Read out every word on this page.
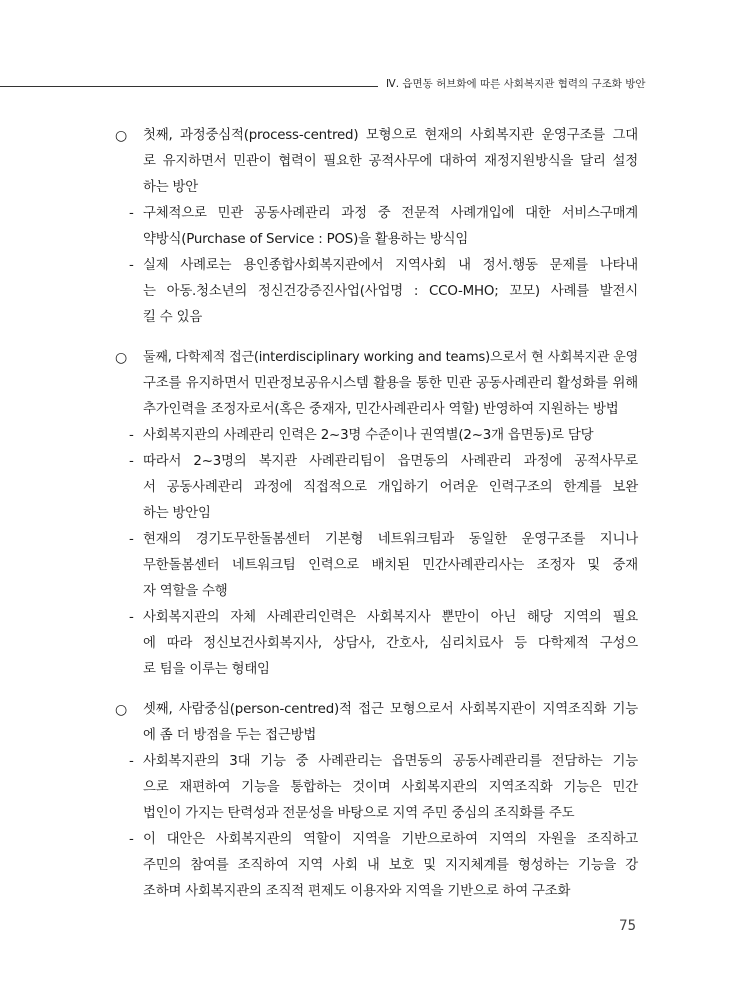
Ⅳ. 읍면동 허브화에 따른 사회복지관 협력의 구조화 방안
○ 첫째, 과정중심적(process-centred) 모형으로 현재의 사회복지관 운영구조를 그대
로 유지하면서 민관이 협력이 필요한 공적사무에 대하여 재정지원방식을 달리 설정
하는 방안
- 구체적으로 민관 공동사례관리 과정 중 전문적 사례개입에 대한 서비스구매계
약방식(Purchase of Service : POS)을 활용하는 방식임
- 실제 사례로는 용인종합사회복지관에서 지역사회 내 정서.행동 문제를 나타내
는 아동.청소년의 정신건강증진사업(사업명 : CCO-MHO; 꼬모) 사례를 발전시
킬 수 있음
○ 둘째, 다학제적 접근(interdisciplinary working and teams)으로서 현 사회복지관 운영
구조를 유지하면서 민관정보공유시스템 활용을 통한 민관 공동사례관리 활성화를 위해
추가인력을 조정자로서(혹은 중재자, 민간사례관리사 역할) 반영하여 지원하는 방법
- 사회복지관의 사례관리 인력은 2~3명 수준이나 권역별(2~3개 읍면동)로 담당
- 따라서 2~3명의 복지관 사례관리팀이 읍면동의 사례관리 과정에 공적사무로
서 공동사례관리 과정에 직접적으로 개입하기 어려운 인력구조의 한계를 보완
하는 방안임
- 현재의 경기도무한돌봄센터 기본형 네트워크팀과 동일한 운영구조를 지니나
무한돌봄센터 네트워크팀 인력으로 배치된 민간사례관리사는 조정자 및 중재
자 역할을 수행
- 사회복지관의 자체 사례관리인력은 사회복지사 뿐만이 아닌 해당 지역의 필요
에 따라 정신보건사회복지사, 상담사, 간호사, 심리치료사 등 다학제적 구성으
로 팀을 이루는 형태임
○ 셋째, 사람중심(person-centred)적 접근 모형으로서 사회복지관이 지역조직화 기능
에 좀 더 방점을 두는 접근방법
- 사회복지관의 3대 기능 중 사례관리는 읍면동의 공동사례관리를 전담하는 기능
으로 재편하여 기능을 통합하는 것이며 사회복지관의 지역조직화 기능은 민간
법인이 가지는 탄력성과 전문성을 바탕으로 지역 주민 중심의 조직화를 주도
- 이 대안은 사회복지관의 역할이 지역을 기반으로하여 지역의 자원을 조직하고
주민의 참여를 조직하여 지역 사회 내 보호 및 지지체계를 형성하는 기능을 강
조하며 사회복지관의 조직적 편제도 이용자와 지역을 기반으로 하여 구조화
75
